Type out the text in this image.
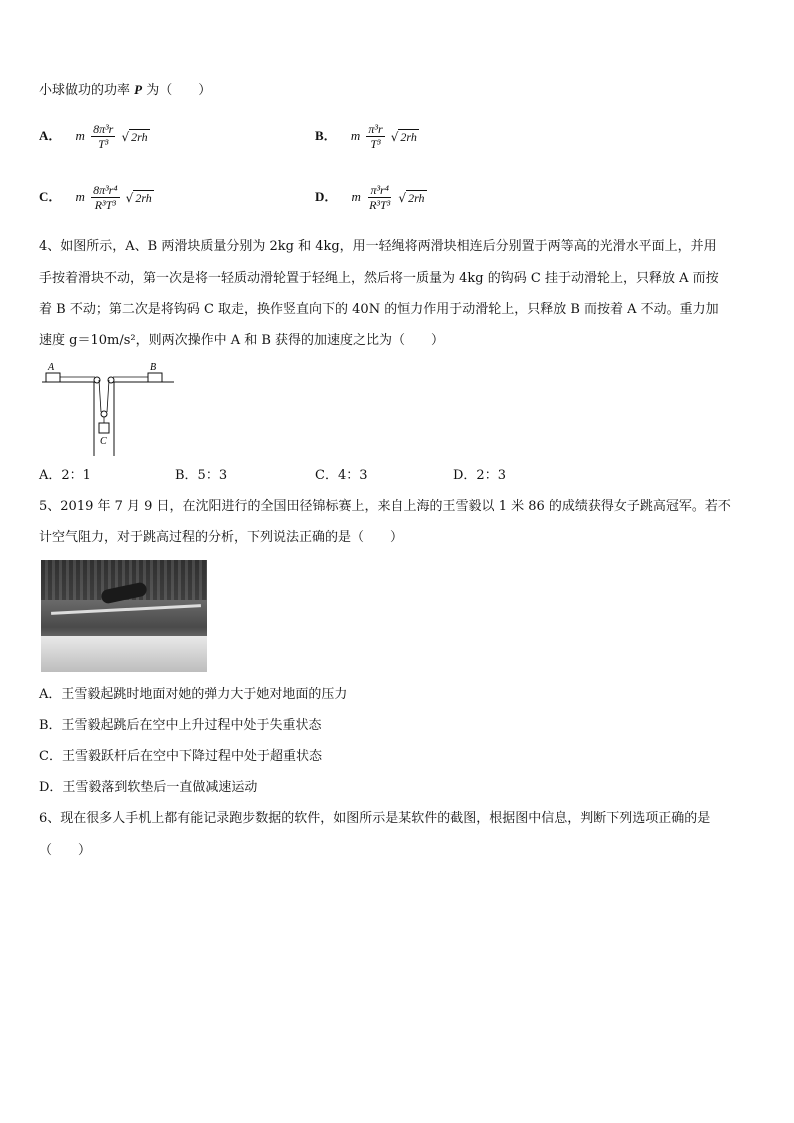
小球做功的功率 P 为（　　）
A． m $\frac{\text{8π³r}}{\text{T³}}$ √ 2rh	B． m $\frac{\text{π³r}}{\text{T³}}$ √ 2rh
C． m $\frac{\text{8π³r⁴}}{\text{R³T³}}$ √ 2rh	D． m $\frac{\text{π³r⁴}}{\text{R³T³}}$ √ 2rh
4、如图所示，A、B 两滑块质量分别为 2kg 和 4kg，用一轻绳将两滑块相连后分别置于两等高的光滑水平面上，并用
手按着滑块不动，第一次是将一轻质动滑轮置于轻绳上，然后将一质量为 4kg 的钩码 C 挂于动滑轮上，只释放 A 而按
着 B 不动；第二次是将钩码 C 取走，换作竖直向下的 40N 的恒力作用于动滑轮上，只释放 B 而按着 A 不动。重力加
速度 g＝10m/s²，则两次操作中 A 和 B 获得的加速度之比为（　　）
A	B
C
A．2：1	B．5：3	C．4：3	D．2：3
5、2019 年 7 月 9 日，在沈阳进行的全国田径锦标赛上，来自上海的王雪毅以 1 米 86 的成绩获得女子跳高冠军。若不
计空气阻力，对于跳高过程的分析，下列说法正确的是（　　）
A．王雪毅起跳时地面对她的弹力大于她对地面的压力
B．王雪毅起跳后在空中上升过程中处于失重状态
C．王雪毅跃杆后在空中下降过程中处于超重状态
D．王雪毅落到软垫后一直做减速运动
6、现在很多人手机上都有能记录跑步数据的软件，如图所示是某软件的截图，根据图中信息，判断下列选项正确的是
（　　）
